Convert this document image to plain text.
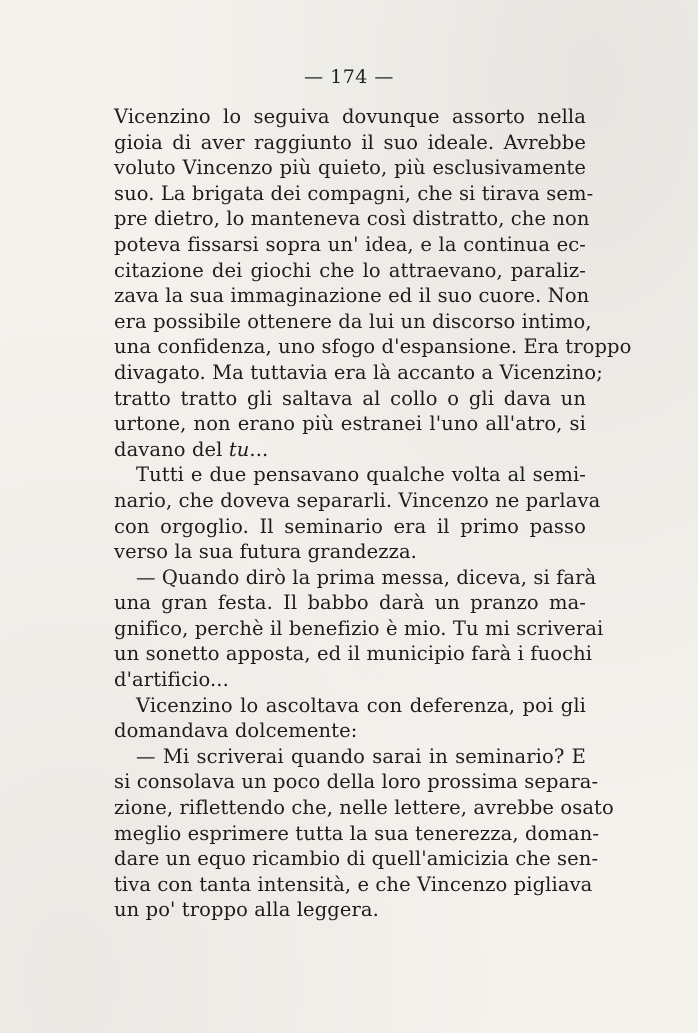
— 174 —
Vicenzino lo seguiva dovunque assorto nella
gioia di aver raggiunto il suo ideale. Avrebbe
voluto Vincenzo più quieto, più esclusivamente
suo. La brigata dei compagni, che si tirava sem-
pre dietro, lo manteneva così distratto, che non
poteva fissarsi sopra un' idea, e la continua ec-
citazione dei giochi che lo attraevano, paraliz-
zava la sua immaginazione ed il suo cuore. Non
era possibile ottenere da lui un discorso intimo,
una confidenza, uno sfogo d'espansione. Era troppo
divagato. Ma tuttavia era là accanto a Vicenzino;
tratto tratto gli saltava al collo o gli dava un
urtone, non erano più estranei l'uno all'atro, si
davano del tu...
Tutti e due pensavano qualche volta al semi-
nario, che doveva separarli. Vincenzo ne parlava
con orgoglio. Il seminario era il primo passo
verso la sua futura grandezza.
— Quando dirò la prima messa, diceva, si farà
una gran festa. Il babbo darà un pranzo ma-
gnifico, perchè il benefizio è mio. Tu mi scriverai
un sonetto apposta, ed il municipio farà i fuochi
d'artificio...
Vicenzino lo ascoltava con deferenza, poi gli
domandava dolcemente:
— Mi scriverai quando sarai in seminario? E
si consolava un poco della loro prossima separa-
zione, riflettendo che, nelle lettere, avrebbe osato
meglio esprimere tutta la sua tenerezza, doman-
dare un equo ricambio di quell'amicizia che sen-
tiva con tanta intensità, e che Vincenzo pigliava
un po' troppo alla leggera.
